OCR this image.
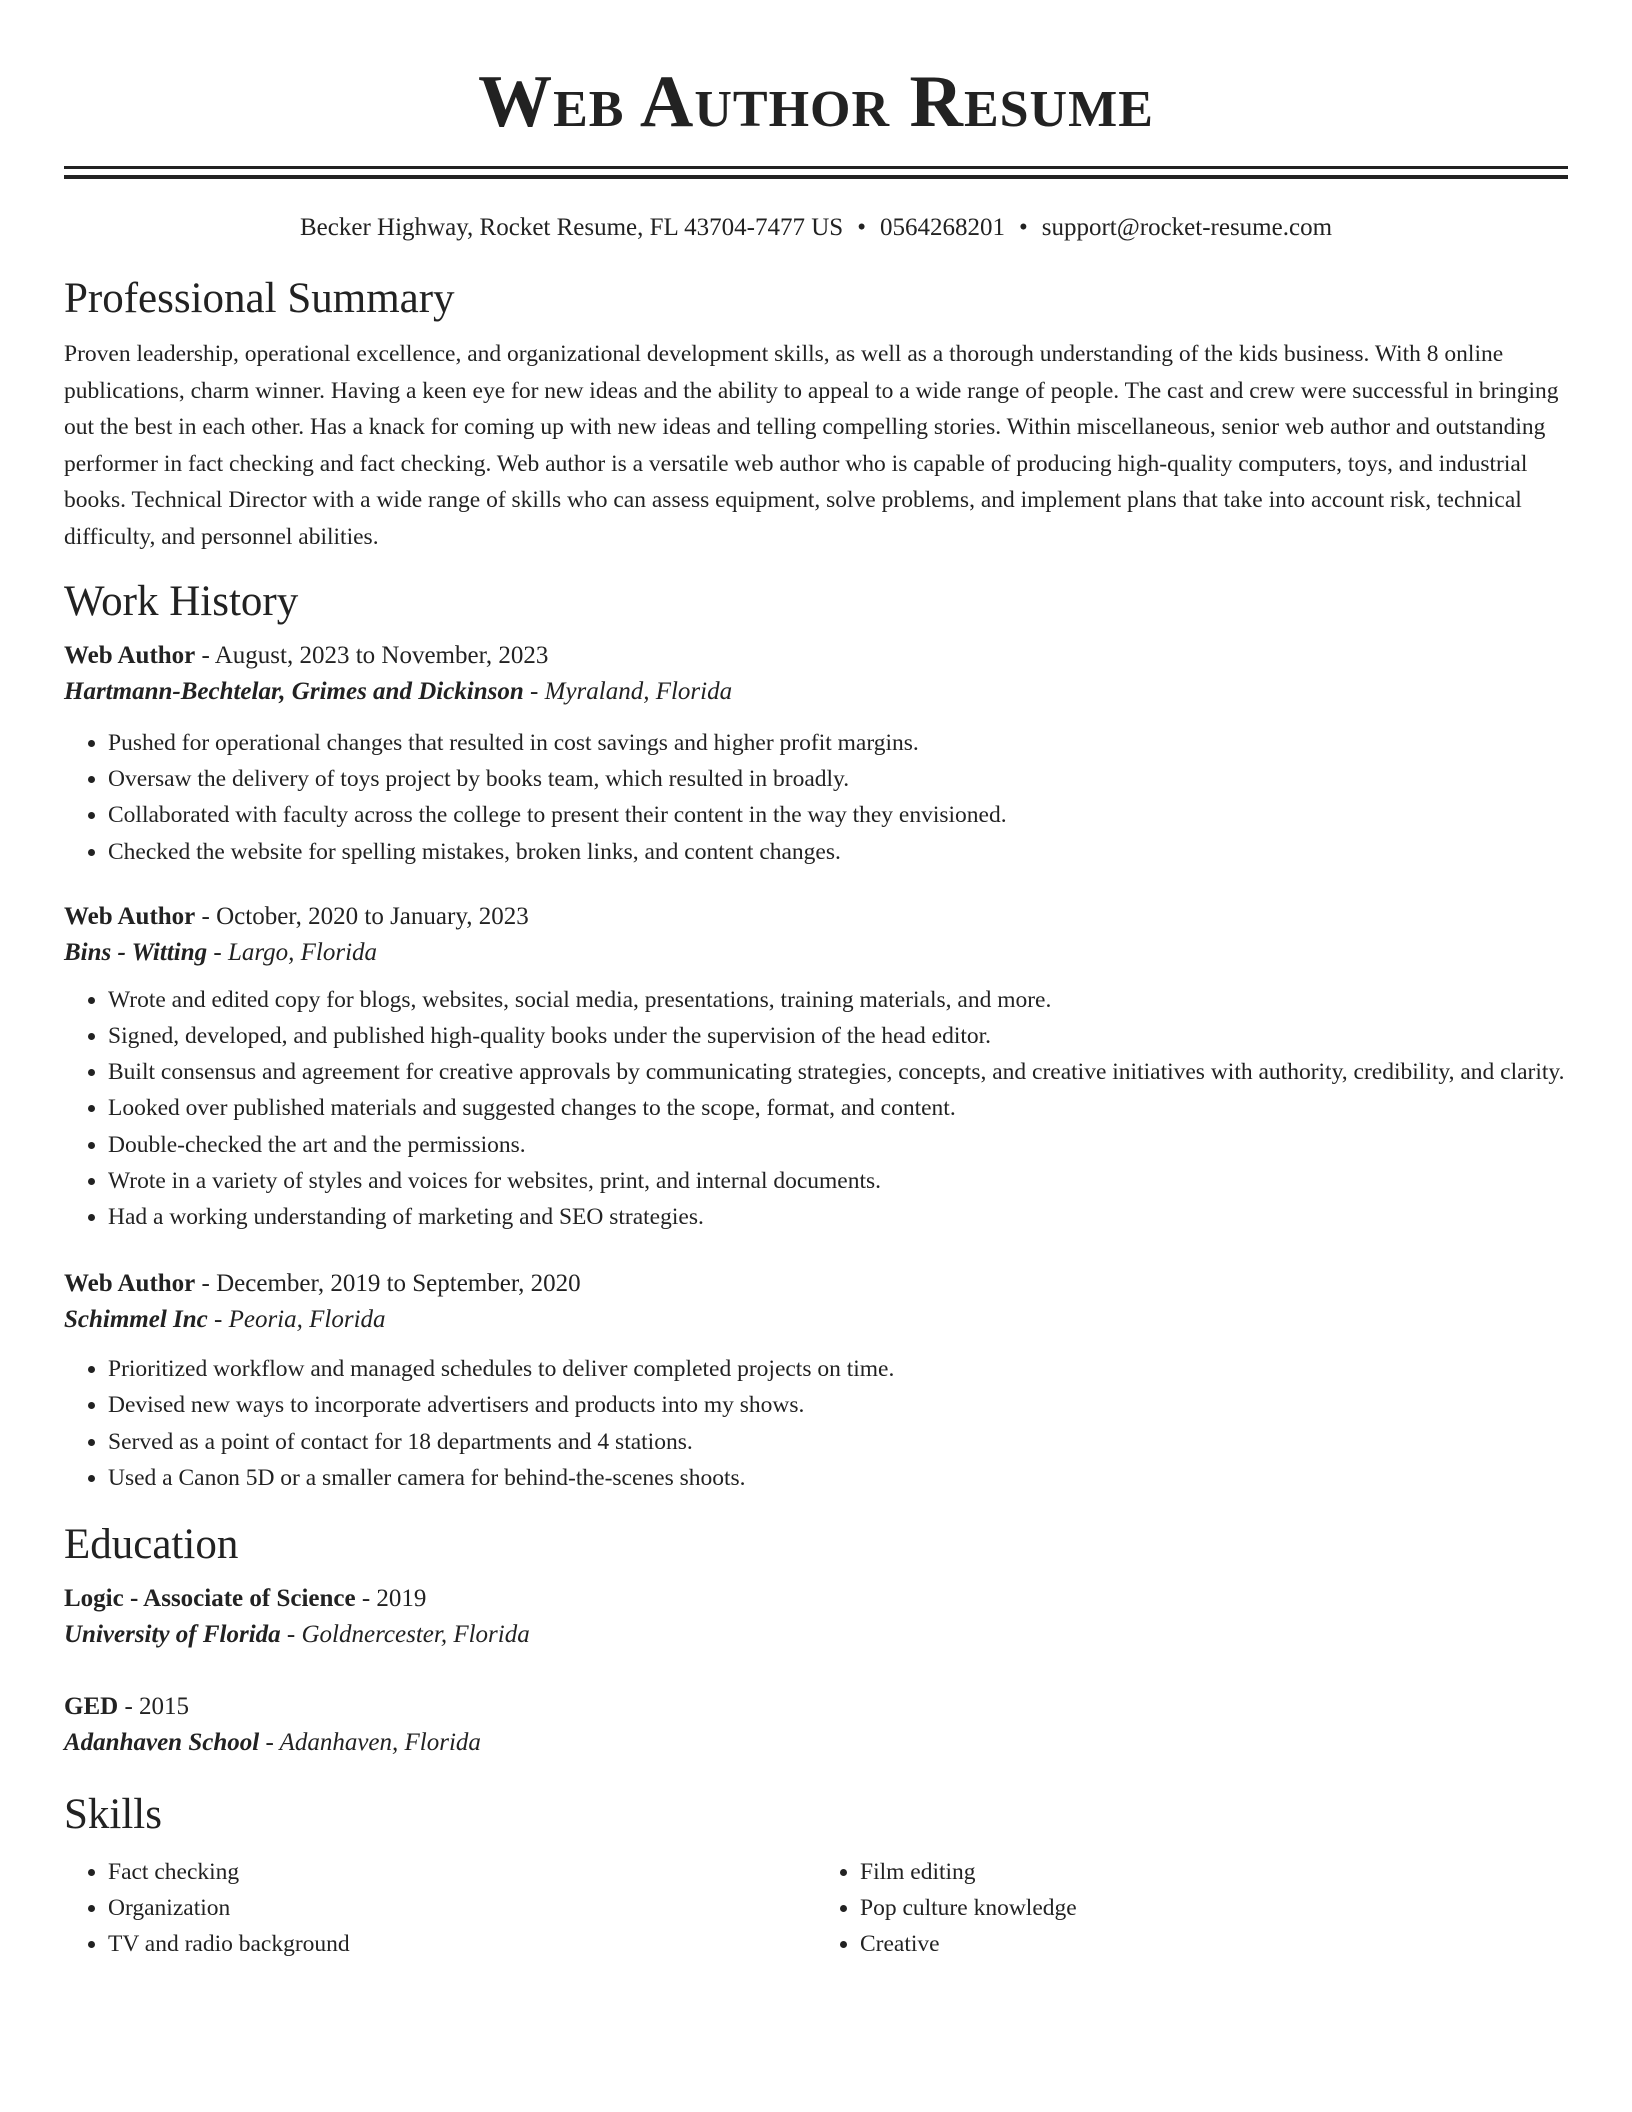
Web Author Resume
Becker Highway, Rocket Resume, FL 43704-7477 US • 0564268201 • support@rocket-resume.com
Professional Summary

Proven leadership, operational excellence, and organizational development skills, as well as a thorough understanding of the kids business. With 8 online publications, charm winner. Having a keen eye for new ideas and the ability to appeal to a wide range of people. The cast and crew were successful in bringing out the best in each other. Has a knack for coming up with new ideas and telling compelling stories. Within miscellaneous, senior web author and outstanding performer in fact checking and fact checking. Web author is a versatile web author who is capable of producing high-quality computers, toys, and industrial books. Technical Director with a wide range of skills who can assess equipment, solve problems, and implement plans that take into account risk, technical difficulty, and personnel abilities.

Work History
Web Author - August, 2023 to November, 2023
Hartmann-Bechtelar, Grimes and Dickinson - Myraland, Florida
• Pushed for operational changes that resulted in cost savings and higher profit margins.
• Oversaw the delivery of toys project by books team, which resulted in broadly.
• Collaborated with faculty across the college to present their content in the way they envisioned.
• Checked the website for spelling mistakes, broken links, and content changes.
Web Author - October, 2020 to January, 2023
Bins - Witting - Largo, Florida
• Wrote and edited copy for blogs, websites, social media, presentations, training materials, and more.
• Signed, developed, and published high-quality books under the supervision of the head editor.
• Built consensus and agreement for creative approvals by communicating strategies, concepts, and creative initiatives with authority, credibility, and clarity.
• Looked over published materials and suggested changes to the scope, format, and content.
• Double-checked the art and the permissions.
• Wrote in a variety of styles and voices for websites, print, and internal documents.
• Had a working understanding of marketing and SEO strategies.
Web Author - December, 2019 to September, 2020
Schimmel Inc - Peoria, Florida
• Prioritized workflow and managed schedules to deliver completed projects on time.
• Devised new ways to incorporate advertisers and products into my shows.
• Served as a point of contact for 18 departments and 4 stations.
• Used a Canon 5D or a smaller camera for behind-the-scenes shoots.
Education
Logic - Associate of Science - 2019
University of Florida - Goldnercester, Florida
GED - 2015
Adanhaven School - Adanhaven, Florida
Skills
• Fact checking
• Organization
• TV and radio background
• Film editing
• Pop culture knowledge
• Creative
